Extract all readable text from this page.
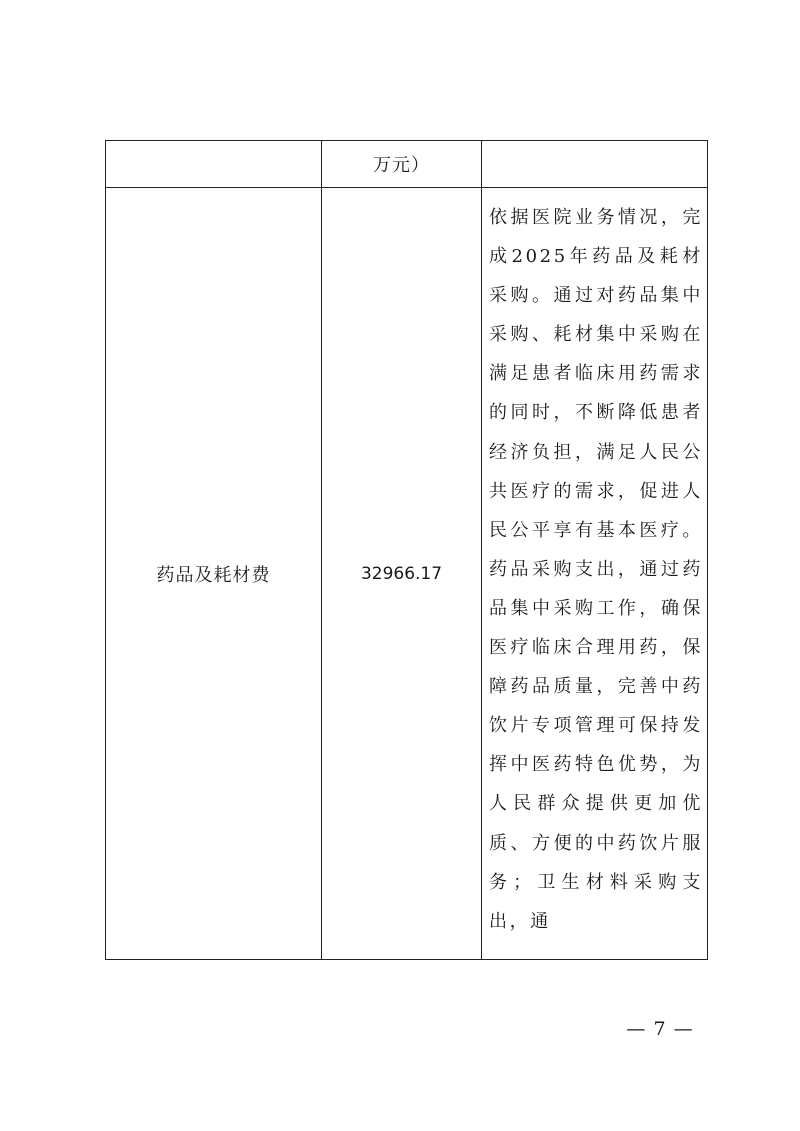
	万元）	
药品及耗材费	32966.17	依据医院业务情况，完成2025年药品及耗材采购。通过对药品集中采购、耗材集中采购在满足患者临床用药需求的同时，不断降低患者经济负担，满足人民公共医疗的需求，促进人民公平享有基本医疗。药品采购支出，通过药品集中采购工作，确保医疗临床合理用药，保障药品质量，完善中药饮片专项管理可保持发挥中医药特色优势，为人民群众提供更加优质、方便的中药饮片服务；卫生材料采购支出，通

— 7 —
